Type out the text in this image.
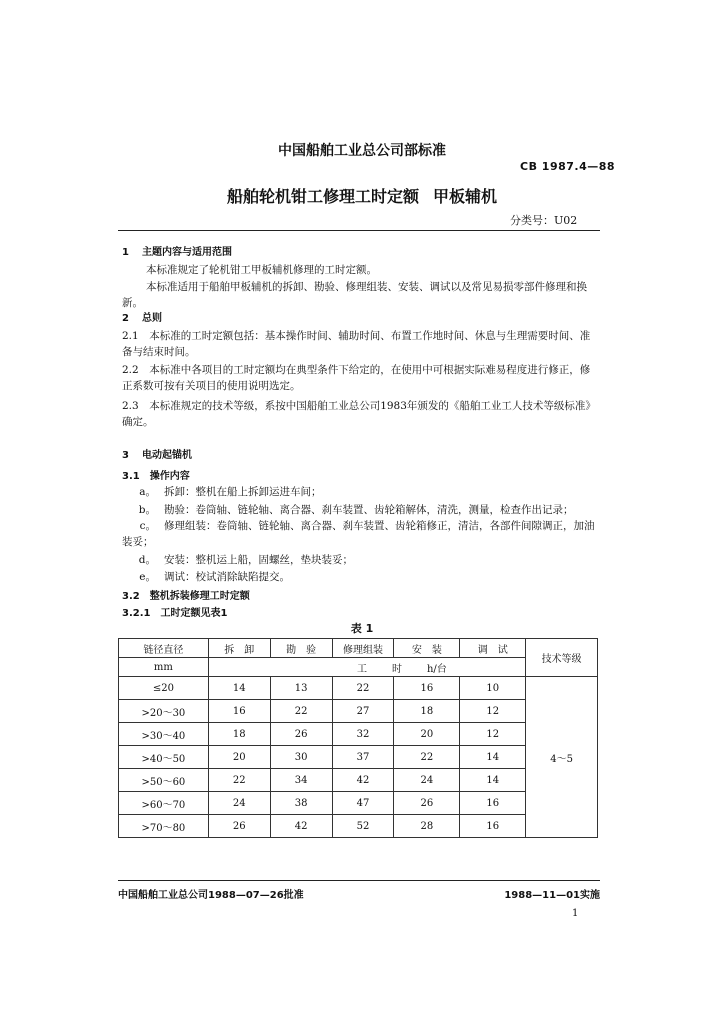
中国船舶工业总公司部标准
CB 1987.4—88
船舶轮机钳工修理工时定额 甲板辅机
分类号：U02
1 主题内容与适用范围
本标准规定了轮机钳工甲板辅机修理的工时定额。
本标准适用于船舶甲板辅机的拆卸、勘验、修理组装、安装、调试以及常见易损零部件修理和换新。
2 总则
2.1　本标准的工时定额包括：基本操作时间、辅助时间、布置工作地时间、休息与生理需要时间、准备与结束时间。
2.2　本标准中各项目的工时定额均在典型条件下给定的，在使用中可根据实际难易程度进行修正，修正系数可按有关项目的使用说明选定。
2.3　本标准规定的技术等级，系按中国船舶工业总公司1983年颁发的《船舶工业工人技术等级标准》确定。
3 电动起锚机
3.1　操作内容
a。 拆卸：整机在船上拆卸运进车间；
b。 勘验：卷筒轴、链轮轴、离合器、刹车装置、齿轮箱解体，清洗，测量，检查作出记录；
c。 修理组装：卷筒轴、链轮轴、离合器、刹车装置、齿轮箱修正，清洁，各部件间隙调正，加油装妥；
d。 安装：整机运上船，固螺丝，垫块装妥；
e。 调试：校试消除缺陷提交。
3.2　整机拆装修理工时定额
3.2.1　工时定额见表1
表 1
链径直径	拆　卸	勘　验	修理组装	安　装	调　试	技术等级
mm	工 时 h/台					
≤20	14	13	22	16	10	4～5
>20～30	16	22	27	18	12	
>30～40	18	26	32	20	12	
>40～50	20	30	37	22	14	
>50～60	22	34	42	24	14	
>60～70	24	38	47	26	16	
>70～80	26	42	52	28	16	
中国船舶工业总公司1988—07—26批准	1988—11—01实施
1
